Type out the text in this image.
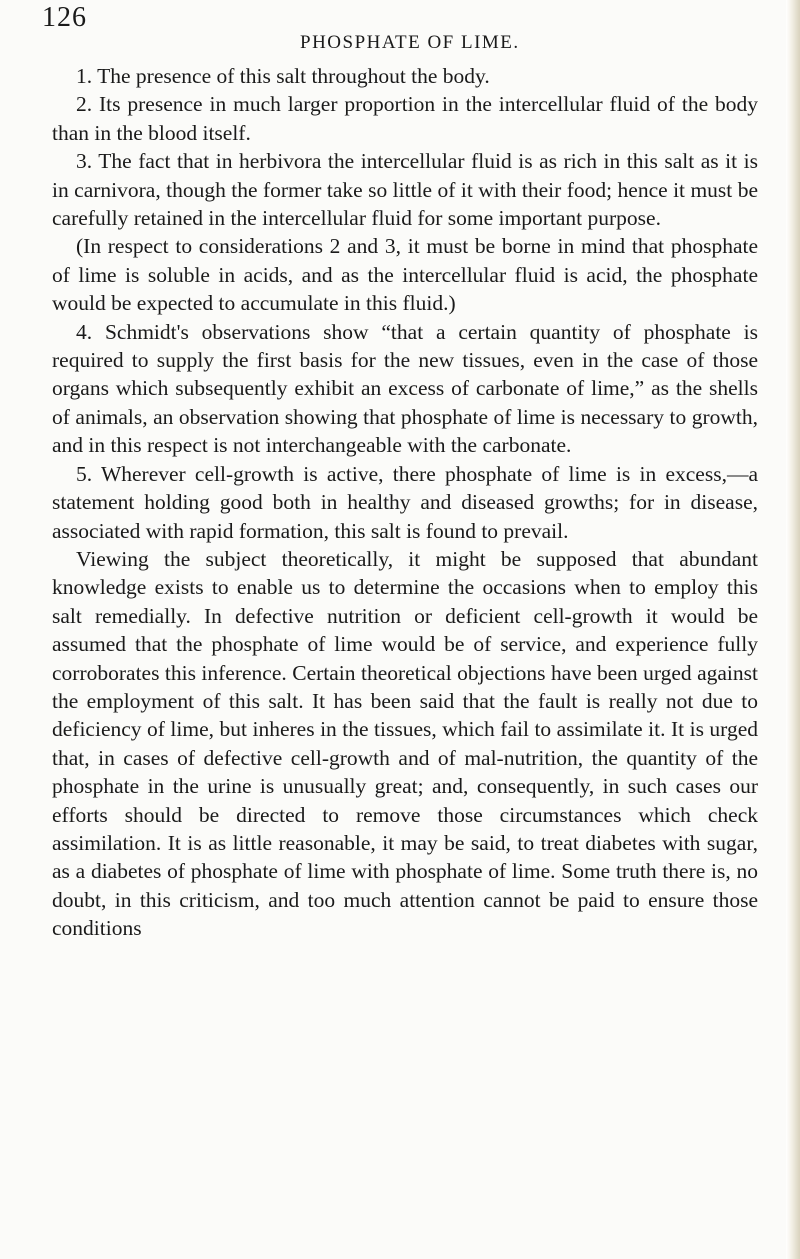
126
PHOSPHATE OF LIME.

1. The presence of this salt throughout the body.

2. Its presence in much larger proportion in the intercellular fluid of the body than in the blood itself.

3. The fact that in herbivora the intercellular fluid is as rich in this salt as it is in carnivora, though the former take so little of it with their food; hence it must be carefully retained in the intercellular fluid for some important purpose.

(In respect to considerations 2 and 3, it must be borne in mind that phosphate of lime is soluble in acids, and as the intercellular fluid is acid, the phosphate would be expected to accumulate in this fluid.)

4. Schmidt's observations show “that a certain quantity of phosphate is required to supply the first basis for the new tissues, even in the case of those organs which subsequently exhibit an excess of carbonate of lime,” as the shells of animals, an observation showing that phosphate of lime is necessary to growth, and in this respect is not interchangeable with the carbonate.

5. Wherever cell-growth is active, there phosphate of lime is in excess,—a statement holding good both in healthy and diseased growths; for in disease, associated with rapid formation, this salt is found to prevail.

Viewing the subject theoretically, it might be supposed that abundant knowledge exists to enable us to determine the occasions when to employ this salt remedially. In defective nutrition or deficient cell-growth it would be assumed that the phosphate of lime would be of service, and experience fully corroborates this inference. Certain theoretical objections have been urged against the employment of this salt. It has been said that the fault is really not due to deficiency of lime, but inheres in the tissues, which fail to assimilate it. It is urged that, in cases of defective cell-growth and of mal-nutrition, the quantity of the phosphate in the urine is unusually great; and, consequently, in such cases our efforts should be directed to remove those circumstances which check assimilation. It is as little reasonable, it may be said, to treat diabetes with sugar, as a diabetes of phosphate of lime with phosphate of lime. Some truth there is, no doubt, in this criticism, and too much attention cannot be paid to ensure those conditions
